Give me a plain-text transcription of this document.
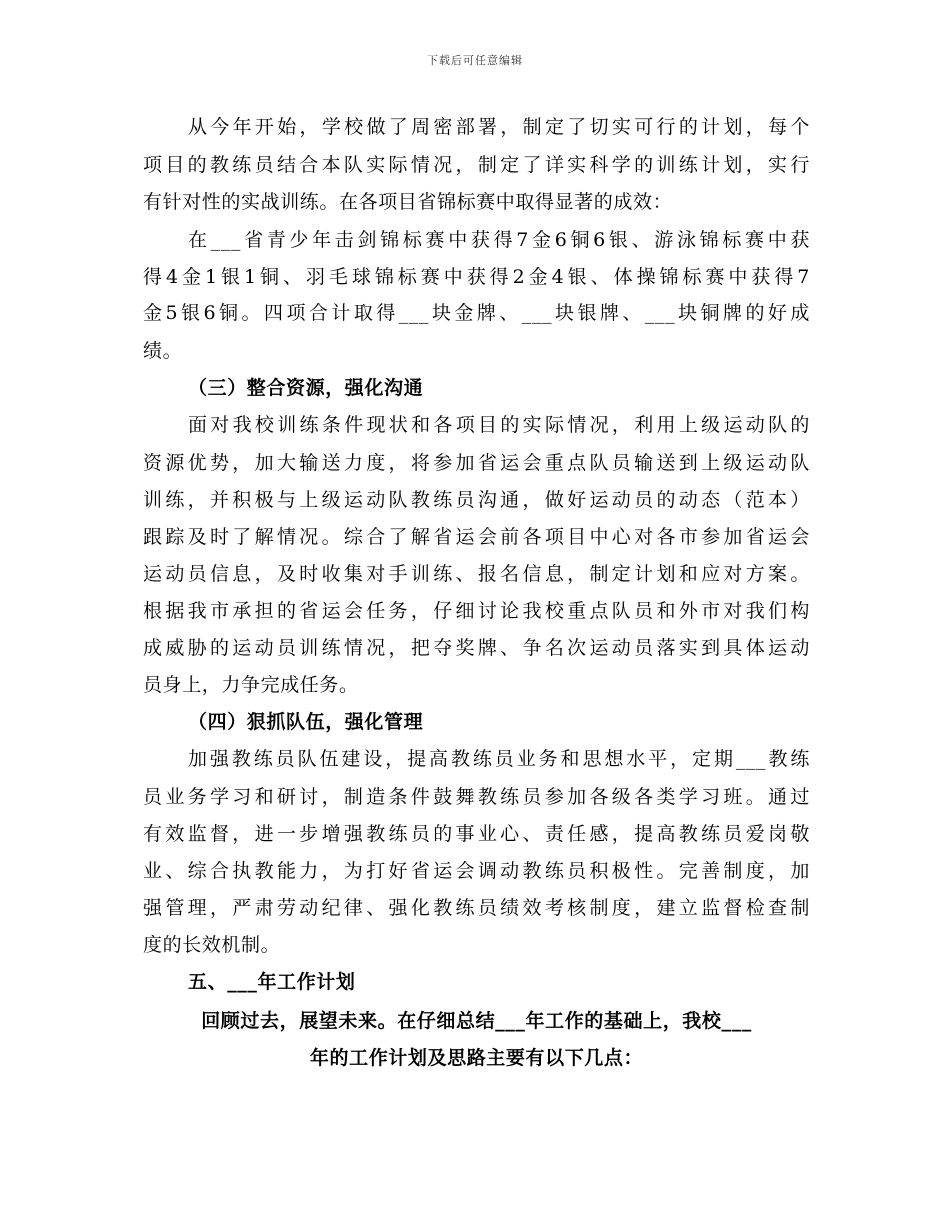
下载后可任意编辑
从今年开始，学校做了周密部署，制定了切实可行的计划，每个
项目的教练员结合本队实际情况，制定了详实科学的训练计划，实行
有针对性的实战训练。在各项目省锦标赛中取得显著的成效：
在___省青少年击剑锦标赛中获得7金6铜6银、游泳锦标赛中获
得4金1银1铜、羽毛球锦标赛中获得2金4银、体操锦标赛中获得7
金5银6铜。四项合计取得___块金牌、___块银牌、___块铜牌的好成
绩。
（三）整合资源，强化沟通
面对我校训练条件现状和各项目的实际情况，利用上级运动队的
资源优势，加大输送力度，将参加省运会重点队员输送到上级运动队
训练，并积极与上级运动队教练员沟通，做好运动员的动态（范本）
跟踪及时了解情况。综合了解省运会前各项目中心对各市参加省运会
运动员信息，及时收集对手训练、报名信息，制定计划和应对方案。
根据我市承担的省运会任务，仔细讨论我校重点队员和外市对我们构
成威胁的运动员训练情况，把夺奖牌、争名次运动员落实到具体运动
员身上，力争完成任务。
（四）狠抓队伍，强化管理
加强教练员队伍建设，提高教练员业务和思想水平，定期___教练
员业务学习和研讨，制造条件鼓舞教练员参加各级各类学习班。通过
有效监督，进一步增强教练员的事业心、责任感，提高教练员爱岗敬
业、综合执教能力，为打好省运会调动教练员积极性。完善制度，加
强管理，严肃劳动纪律、强化教练员绩效考核制度，建立监督检查制
度的长效机制。
五、___年工作计划
回顾过去，展望未来。在仔细总结___年工作的基础上，我校___
年的工作计划及思路主要有以下几点：
